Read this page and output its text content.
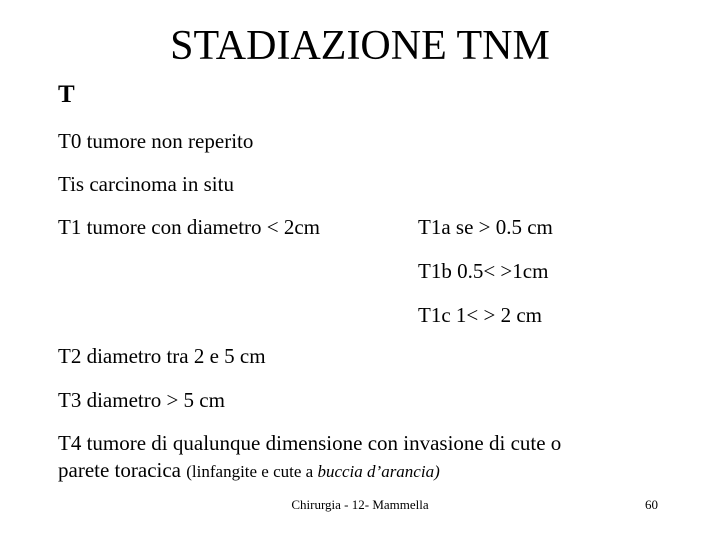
STADIAZIONE TNM
T
T0 tumore non reperito
Tis carcinoma in situ
T1 tumore con diametro < 2cm	T1a se > 0.5 cm
T1b 0.5< >1cm
T1c 1< > 2 cm
T2 diametro tra 2 e 5 cm
T3 diametro > 5 cm
T4 tumore di qualunque dimensione con invasione di cute o
parete toracica (linfangite e cute a buccia d’arancia)
Chirurgia - 12- Mammella	60
